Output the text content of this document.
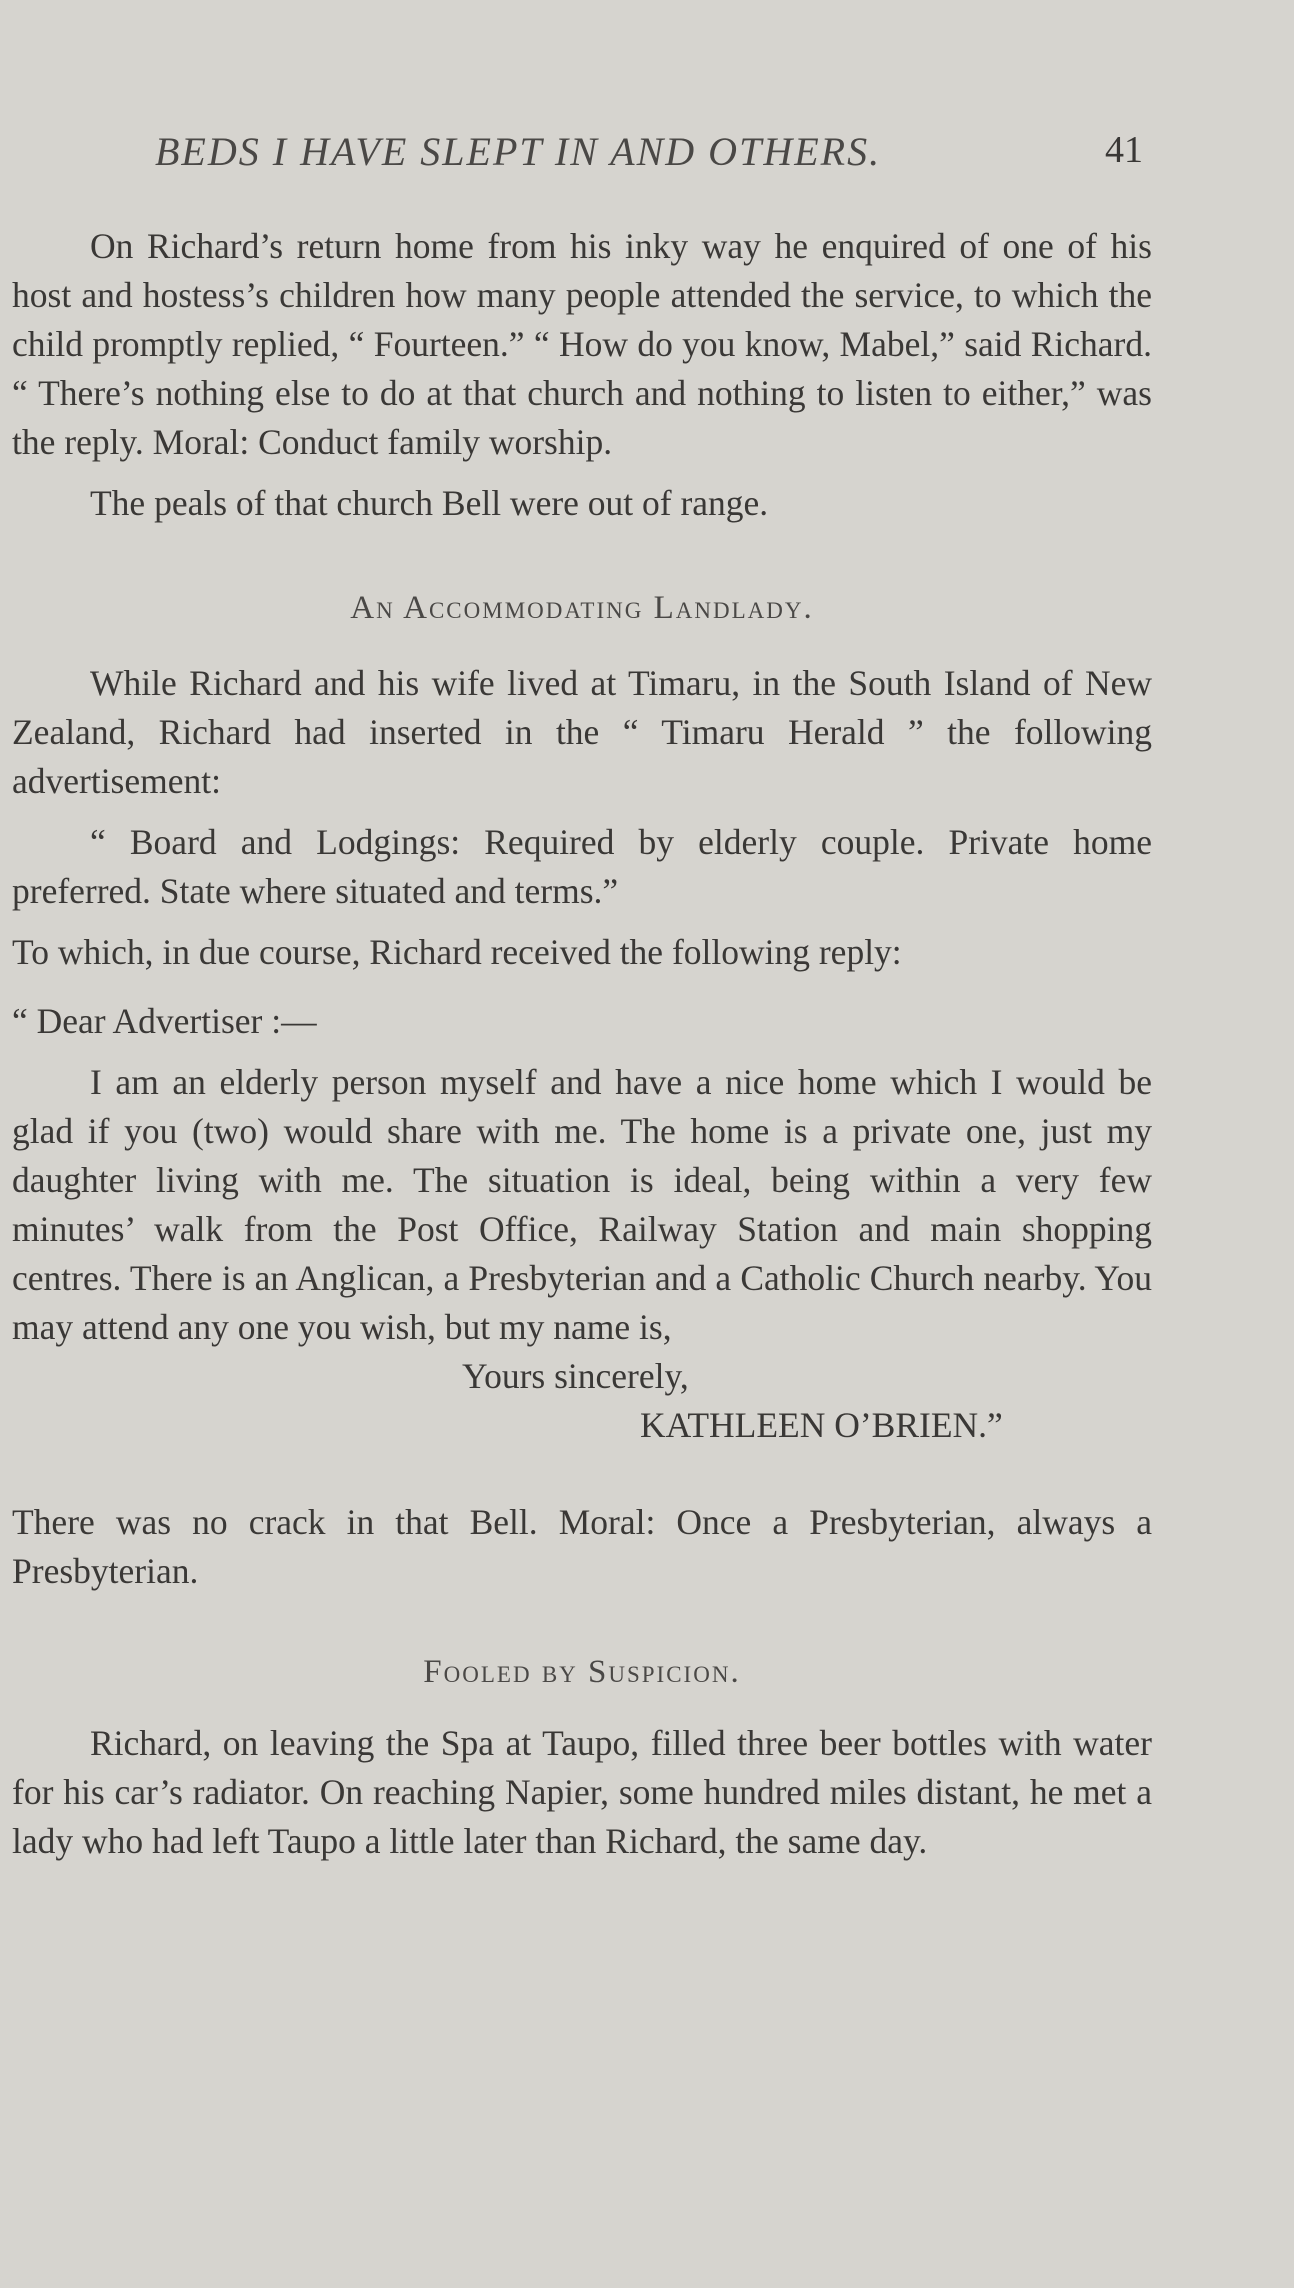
BEDS I HAVE SLEPT IN AND OTHERS.	41

On Richard’s return home from his inky way he enquired of one of his host and hostess’s children how many people attended the service, to which the child promptly replied, “ Fourteen.” “ How do you know, Mabel,” said Richard. “ There’s nothing else to do at that church and nothing to listen to either,” was the reply. Moral: Conduct family worship.

The peals of that church Bell were out of range.

An Accommodating Landlady.

While Richard and his wife lived at Timaru, in the South Island of New Zealand, Richard had inserted in the “ Timaru Herald ” the following advertisement:

“ Board and Lodgings: Required by elderly couple. Private home preferred. State where situated and terms.”

To which, in due course, Richard received the following reply:

“ Dear Advertiser :—

I am an elderly person myself and have a nice home which I would be glad if you (two) would share with me. The home is a private one, just my daughter living with me. The situation is ideal, being within a very few minutes’ walk from the Post Office, Railway Station and main shopping centres. There is an Anglican, a Presbyterian and a Catholic Church nearby. You may attend any one you wish, but my name is,

Yours sincerely,

KATHLEEN O’BRIEN.”

There was no crack in that Bell. Moral: Once a Presbyterian, always a Presbyterian.

Fooled by Suspicion.

Richard, on leaving the Spa at Taupo, filled three beer bottles with water for his car’s radiator. On reaching Napier, some hundred miles distant, he met a lady who had left Taupo a little later than Richard, the same day.
